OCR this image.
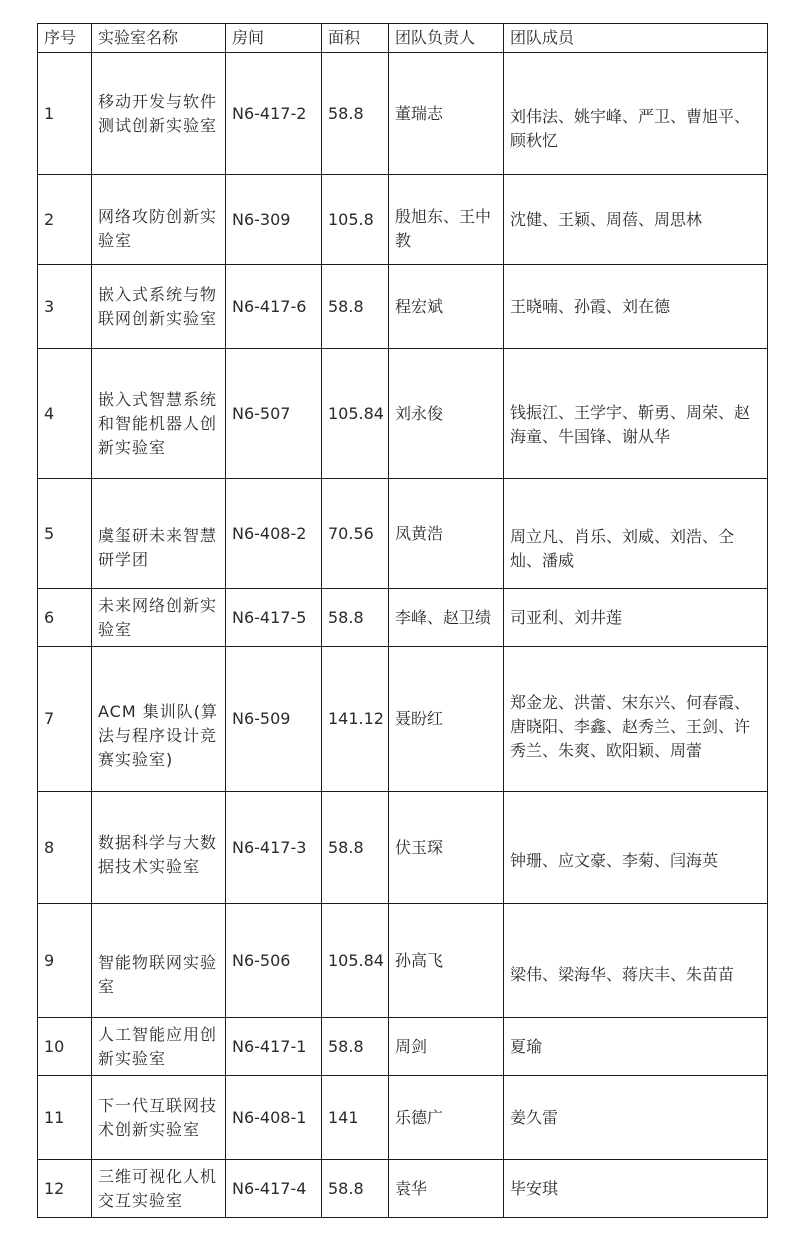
序号	实验室名称	房间	面积	团队负责人	团队成员
1	移动开发与软件测试创新实验室	N6-417-2	58.8	董瑞志	刘伟法、姚宇峰、严卫、曹旭平、顾秋忆
2	网络攻防创新实验室	N6-309	105.8	殷旭东、王中教	沈健、王颖、周蓓、周思林
3	嵌入式系统与物联网创新实验室	N6-417-6	58.8	程宏斌	王晓喃、孙霞、刘在德
4	嵌入式智慧系统和智能机器人创新实验室	N6-507	105.84	刘永俊	钱振江、王学宇、靳勇、周荣、赵海童、牛国锋、谢从华
5	虞玺研未来智慧研学团	N6-408-2	70.56	凤黄浩	周立凡、肖乐、刘威、刘浩、仝灿、潘威
6	未来网络创新实验室	N6-417-5	58.8	李峰、赵卫绩	司亚利、刘井莲
7	ACM 集训队(算法与程序设计竞赛实验室)	N6-509	141.12	聂盼红	郑金龙、洪蕾、宋东兴、何春霞、唐晓阳、李鑫、赵秀兰、王剑、许秀兰、朱爽、欧阳颖、周蕾
8	数据科学与大数据技术实验室	N6-417-3	58.8	伏玉琛	钟珊、应文豪、李菊、闫海英
9	智能物联网实验室	N6-506	105.84	孙高飞	梁伟、梁海华、蒋庆丰、朱苗苗
10	人工智能应用创新实验室	N6-417-1	58.8	周剑	夏瑜
11	下一代互联网技术创新实验室	N6-408-1	141	乐德广	姜久雷
12	三维可视化人机交互实验室	N6-417-4	58.8	袁华	毕安琪
